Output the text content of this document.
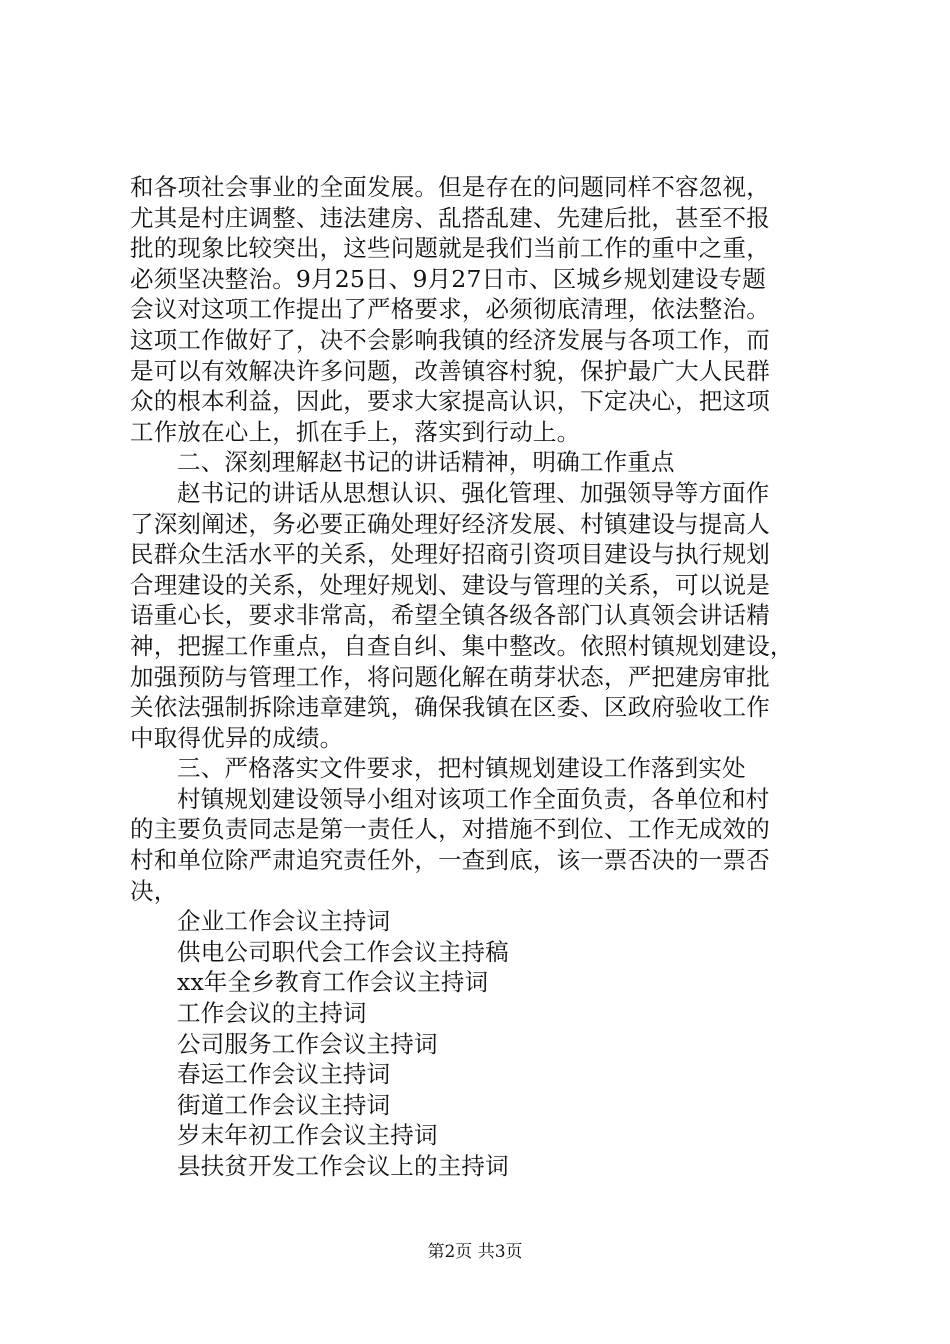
和各项社会事业的全面发展。但是存在的问题同样不容忽视，
尤其是村庄调整、违法建房、乱搭乱建、先建后批，甚至不报
批的现象比较突出，这些问题就是我们当前工作的重中之重，
必须坚决整治。9月25日、9月27日市、区城乡规划建设专题
会议对这项工作提出了严格要求，必须彻底清理，依法整治。
这项工作做好了，决不会影响我镇的经济发展与各项工作，而
是可以有效解决许多问题，改善镇容村貌，保护最广大人民群
众的根本利益，因此，要求大家提高认识，下定决心，把这项
工作放在心上，抓在手上，落实到行动上。
二、深刻理解赵书记的讲话精神，明确工作重点
赵书记的讲话从思想认识、强化管理、加强领导等方面作
了深刻阐述，务必要正确处理好经济发展、村镇建设与提高人
民群众生活水平的关系，处理好招商引资项目建设与执行规划
合理建设的关系，处理好规划、建设与管理的关系，可以说是
语重心长，要求非常高，希望全镇各级各部门认真领会讲话精
神，把握工作重点，自查自纠、集中整改。依照村镇规划建设，
加强预防与管理工作，将问题化解在萌芽状态，严把建房审批
关依法强制拆除违章建筑，确保我镇在区委、区政府验收工作
中取得优异的成绩。
三、严格落实文件要求，把村镇规划建设工作落到实处
村镇规划建设领导小组对该项工作全面负责，各单位和村
的主要负责同志是第一责任人，对措施不到位、工作无成效的
村和单位除严肃追究责任外，一查到底，该一票否决的一票否
决，
企业工作会议主持词
供电公司职代会工作会议主持稿
xx年全乡教育工作会议主持词
工作会议的主持词
公司服务工作会议主持词
春运工作会议主持词
街道工作会议主持词
岁末年初工作会议主持词
县扶贫开发工作会议上的主持词
第2页 共3页
